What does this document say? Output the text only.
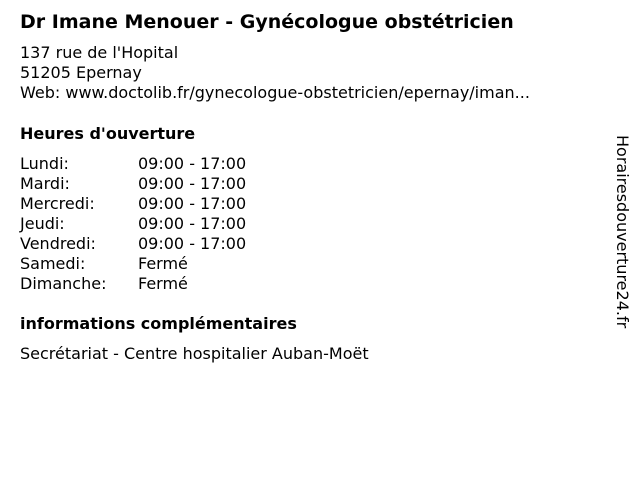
Dr Imane Menouer - Gynécologue obstétricien
137 rue de l'Hopital
51205 Epernay
Web: www.doctolib.fr/gynecologue-obstetricien/epernay/iman...
Heures d'ouverture
Lundi:	09:00 - 17:00
Mardi:	09:00 - 17:00
Mercredi:	09:00 - 17:00
Jeudi:	09:00 - 17:00
Vendredi:	09:00 - 17:00
Samedi:	Fermé
Dimanche: Fermé
informations complémentaires
Secrétariat - Centre hospitalier Auban-Moët
Horairesdouverture24.fr
